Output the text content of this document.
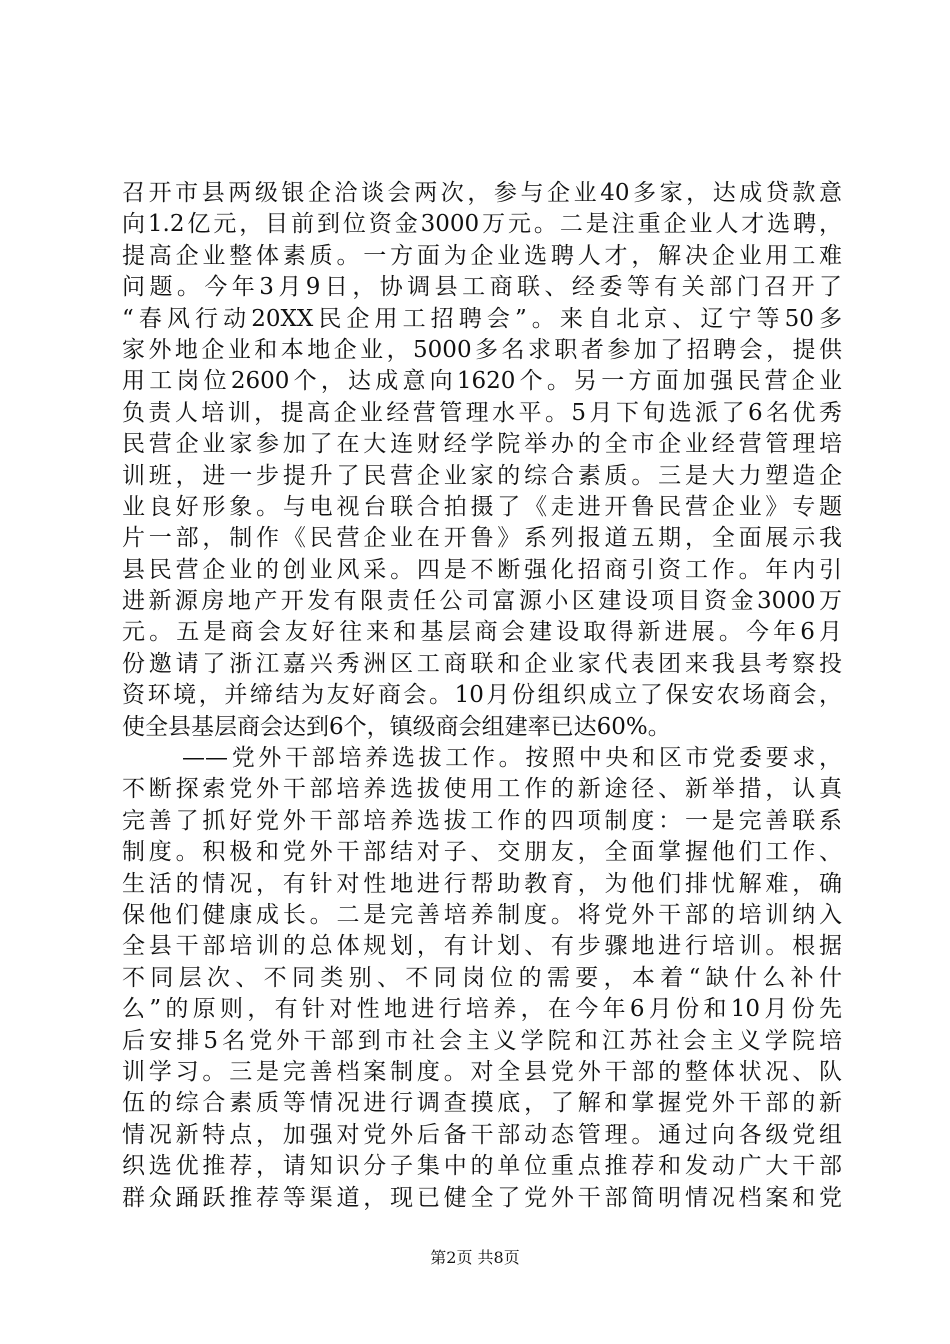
召开市县两级银企洽谈会两次，参与企业40多家，达成贷款意
向1.2亿元，目前到位资金3000万元。二是注重企业人才选聘，
提高企业整体素质。一方面为企业选聘人才，解决企业用工难
问题。今年3月9日，协调县工商联、经委等有关部门召开了
“春风行动20XX民企用工招聘会”。来自北京、辽宁等50多
家外地企业和本地企业，5000多名求职者参加了招聘会，提供
用工岗位2600个，达成意向1620个。另一方面加强民营企业
负责人培训，提高企业经营管理水平。5月下旬选派了6名优秀
民营企业家参加了在大连财经学院举办的全市企业经营管理培
训班，进一步提升了民营企业家的综合素质。三是大力塑造企
业良好形象。与电视台联合拍摄了《走进开鲁民营企业》专题
片一部，制作《民营企业在开鲁》系列报道五期，全面展示我
县民营企业的创业风采。四是不断强化招商引资工作。年内引
进新源房地产开发有限责任公司富源小区建设项目资金3000万
元。五是商会友好往来和基层商会建设取得新进展。今年6月
份邀请了浙江嘉兴秀洲区工商联和企业家代表团来我县考察投
资环境，并缔结为友好商会。10月份组织成立了保安农场商会，
使全县基层商会达到6个，镇级商会组建率已达60%。
——党外干部培养选拔工作。按照中央和区市党委要求，
不断探索党外干部培养选拔使用工作的新途径、新举措，认真
完善了抓好党外干部培养选拔工作的四项制度：一是完善联系
制度。积极和党外干部结对子、交朋友，全面掌握他们工作、
生活的情况，有针对性地进行帮助教育，为他们排忧解难，确
保他们健康成长。二是完善培养制度。将党外干部的培训纳入
全县干部培训的总体规划，有计划、有步骤地进行培训。根据
不同层次、不同类别、不同岗位的需要，本着“缺什么补什
么”的原则，有针对性地进行培养，在今年6月份和10月份先
后安排5名党外干部到市社会主义学院和江苏社会主义学院培
训学习。三是完善档案制度。对全县党外干部的整体状况、队
伍的综合素质等情况进行调查摸底，了解和掌握党外干部的新
情况新特点，加强对党外后备干部动态管理。通过向各级党组
织选优推荐，请知识分子集中的单位重点推荐和发动广大干部
群众踊跃推荐等渠道，现已健全了党外干部简明情况档案和党
第2页 共8页
